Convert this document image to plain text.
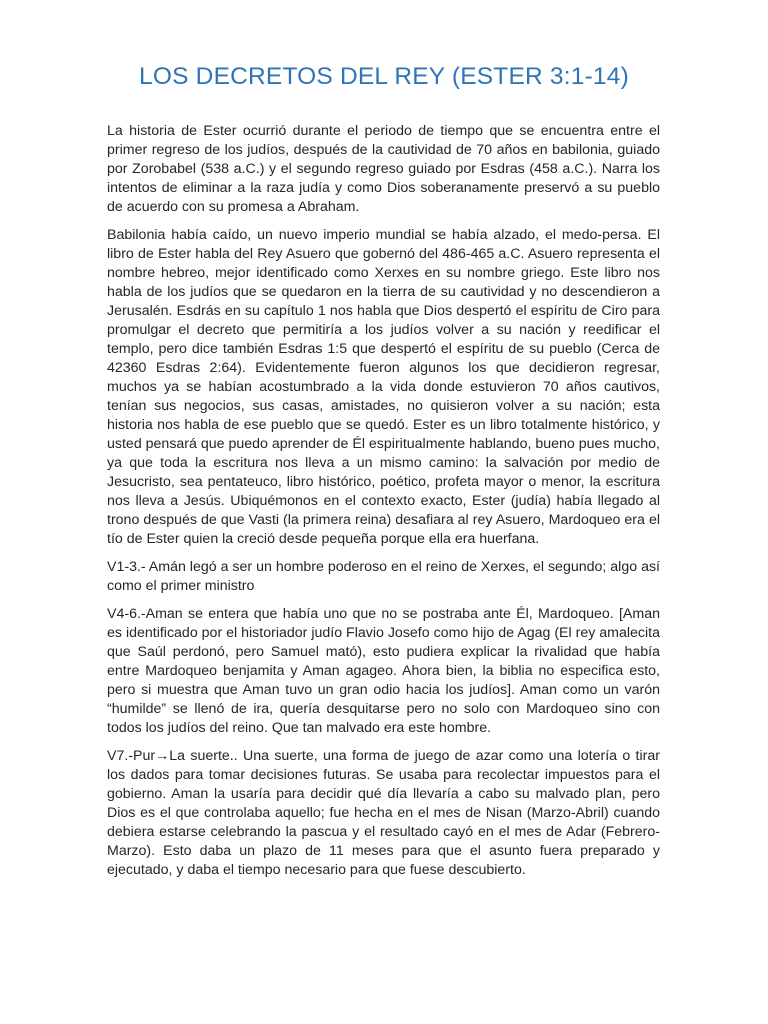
LOS DECRETOS DEL REY (ESTER 3:1-14)

La historia de Ester ocurrió durante el periodo de tiempo que se encuentra entre el primer regreso de los judíos, después de la cautividad de 70 años en babilonia, guiado por Zorobabel (538 a.C.) y el segundo regreso guiado por Esdras (458 a.C.). Narra los intentos de eliminar a la raza judía y como Dios soberanamente preservó a su pueblo de acuerdo con su promesa a Abraham.

Babilonia había caído, un nuevo imperio mundial se había alzado, el medo-persa. El libro de Ester habla del Rey Asuero que gobernó del 486-465 a.C. Asuero representa el nombre hebreo, mejor identificado como Xerxes en su nombre griego. Este libro nos habla de los judíos que se quedaron en la tierra de su cautividad y no descendieron a Jerusalén. Esdrás en su capítulo 1 nos habla que Dios despertó el espíritu de Ciro para promulgar el decreto que permitiría a los judíos volver a su nación y reedificar el templo, pero dice también Esdras 1:5 que despertó el espíritu de su pueblo (Cerca de 42360 Esdras 2:64). Evidentemente fueron algunos los que decidieron regresar, muchos ya se habían acostumbrado a la vida donde estuvieron 70 años cautivos, tenían sus negocios, sus casas, amistades, no quisieron volver a su nación; esta historia nos habla de ese pueblo que se quedó. Ester es un libro totalmente histórico, y usted pensará que puedo aprender de Él espiritualmente hablando, bueno pues mucho, ya que toda la escritura nos lleva a un mismo camino: la salvación por medio de Jesucristo, sea pentateuco, libro histórico, poético, profeta mayor o menor, la escritura nos lleva a Jesús. Ubiquémonos en el contexto exacto, Ester (judía) había llegado al trono después de que Vasti (la primera reina) desafiara al rey Asuero, Mardoqueo era el tío de Ester quien la creció desde pequeña porque ella era huerfana.

V1-3.- Amán legó a ser un hombre poderoso en el reino de Xerxes, el segundo; algo así como el primer ministro

V4-6.-Aman se entera que había uno que no se postraba ante Él, Mardoqueo. [Aman es identificado por el historiador judío Flavio Josefo como hijo de Agag (El rey amalecita que Saúl perdonó, pero Samuel mató), esto pudiera explicar la rivalidad que había entre Mardoqueo benjamita y Aman agageo. Ahora bien, la biblia no especifica esto, pero si muestra que Aman tuvo un gran odio hacia los judíos]. Aman como un varón “humilde” se llenó de ira, quería desquitarse pero no solo con Mardoqueo sino con todos los judíos del reino. Que tan malvado era este hombre.

V7.-Pur→La suerte.. Una suerte, una forma de juego de azar como una lotería o tirar los dados para tomar decisiones futuras. Se usaba para recolectar impuestos para el gobierno. Aman la usaría para decidir qué día llevaría a cabo su malvado plan, pero Dios es el que controlaba aquello; fue hecha en el mes de Nisan (Marzo-Abril) cuando debiera estarse celebrando la pascua y el resultado cayó en el mes de Adar (Febrero-Marzo). Esto daba un plazo de 11 meses para que el asunto fuera preparado y ejecutado, y daba el tiempo necesario para que fuese descubierto.
